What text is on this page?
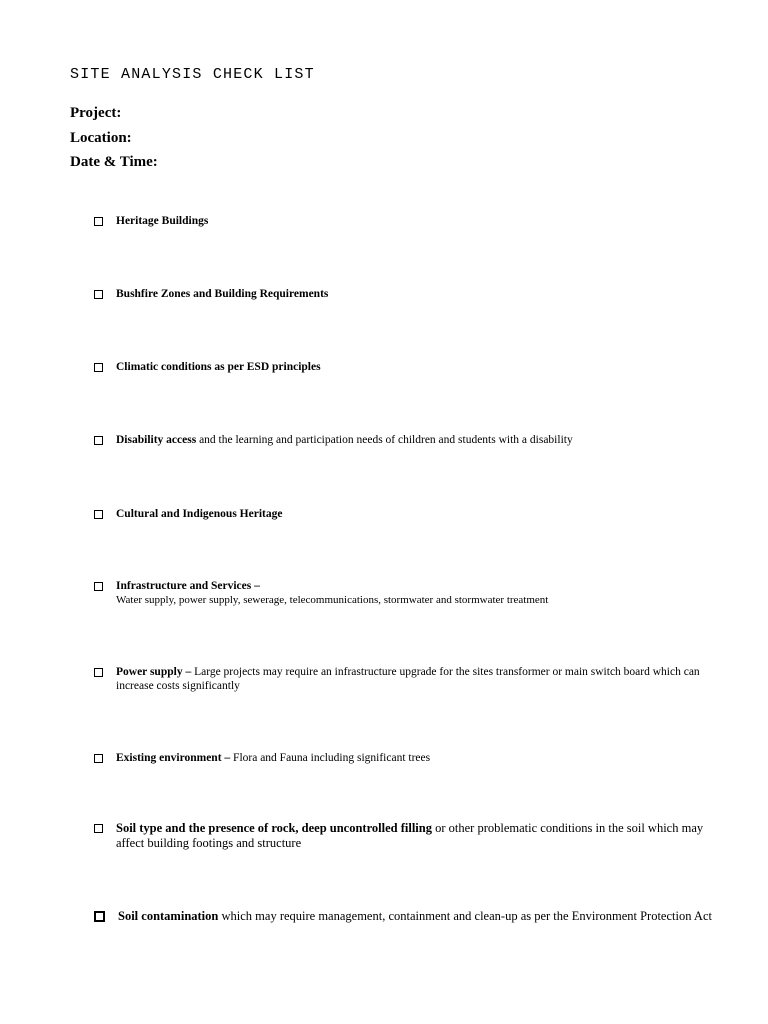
SITE ANALYSIS CHECK LIST
Project:
Location:
Date & Time:
Heritage Buildings
Bushfire Zones and Building Requirements
Climatic conditions as per ESD principles
Disability access and the learning and participation needs of children and students with a disability
Cultural and Indigenous Heritage
Infrastructure and Services –
Water supply, power supply, sewerage, telecommunications, stormwater and stormwater treatment
Power supply – Large projects may require an infrastructure upgrade for the sites transformer or main switch board which can increase costs significantly
Existing environment – Flora and Fauna including significant trees
Soil type and the presence of rock, deep uncontrolled filling or other problematic conditions in the soil which may affect building footings and structure
Soil contamination which may require management, containment and clean-up as per the Environment Protection Act
